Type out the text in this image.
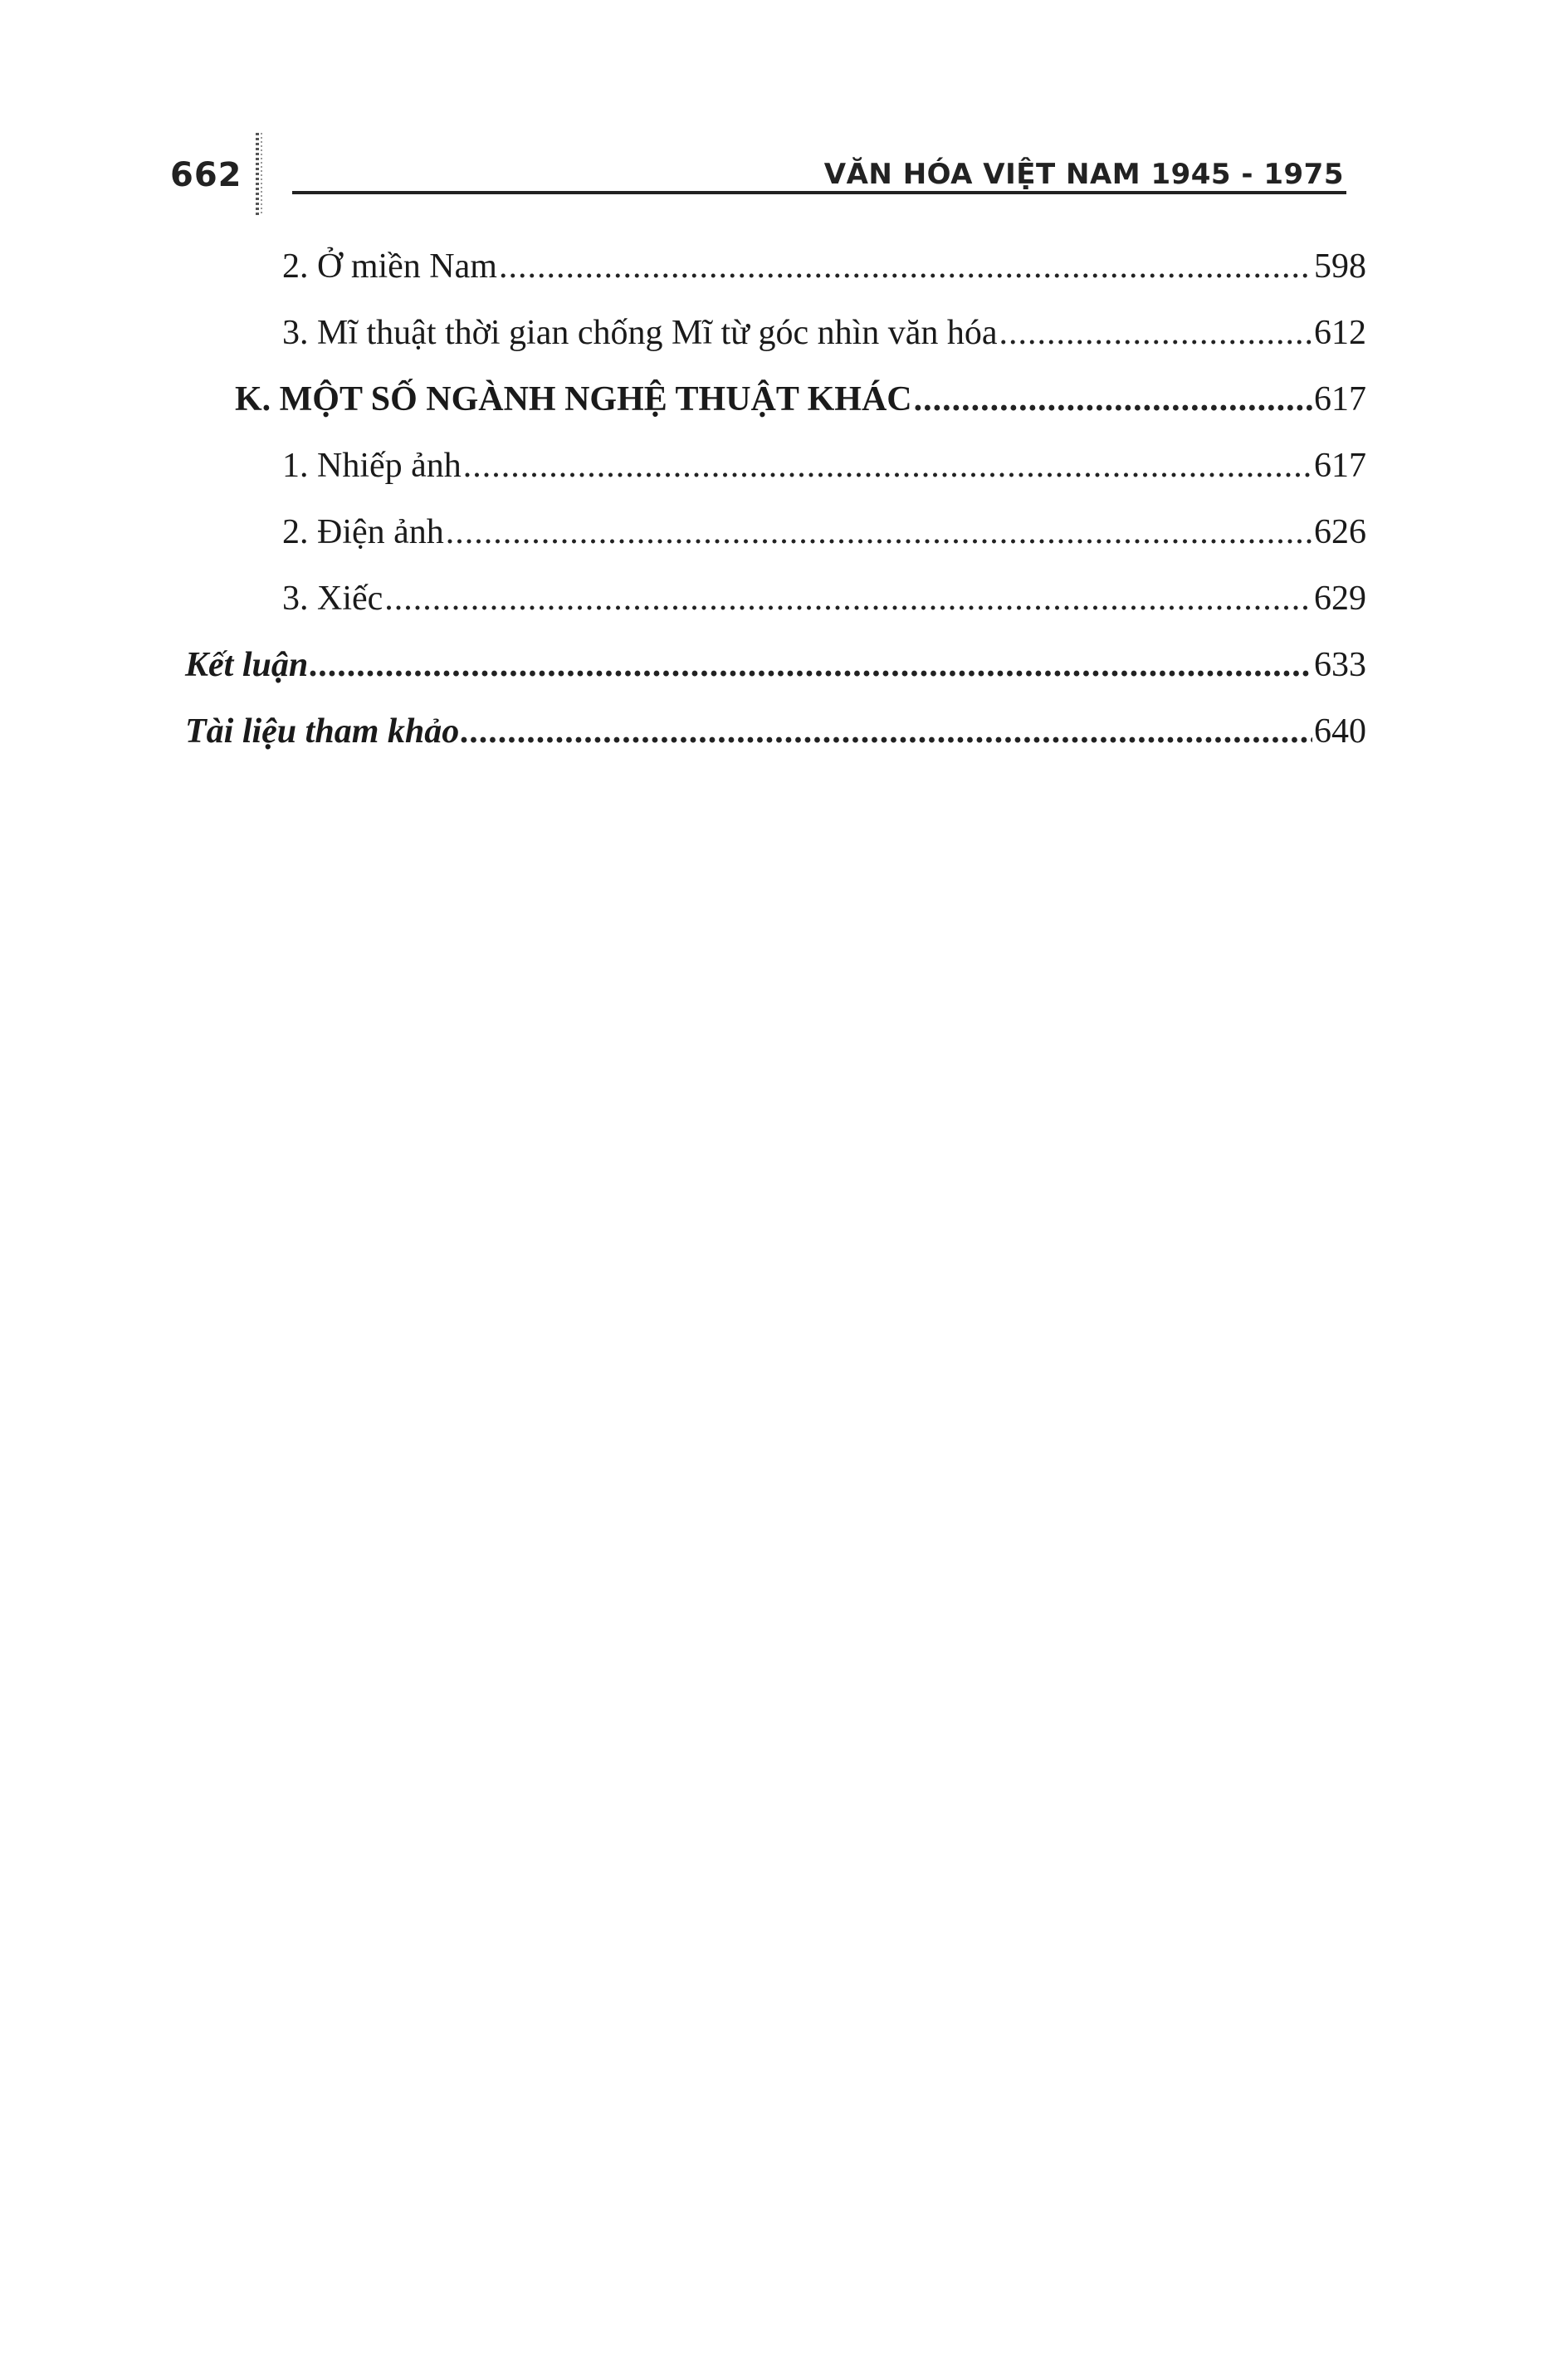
662	VĂN HÓA VIỆT NAM 1945 - 1975
2. Ở miền Nam .....	598
3. Mĩ thuật thời gian chống Mĩ từ góc nhìn văn hóa .....	612
K. MỘT SỐ NGÀNH NGHỆ THUẬT KHÁC .....	617
1. Nhiếp ảnh .....	617
2. Điện ảnh .....	626
3. Xiếc .....	629
Kết luận .....	633
Tài liệu tham khảo .....	640
